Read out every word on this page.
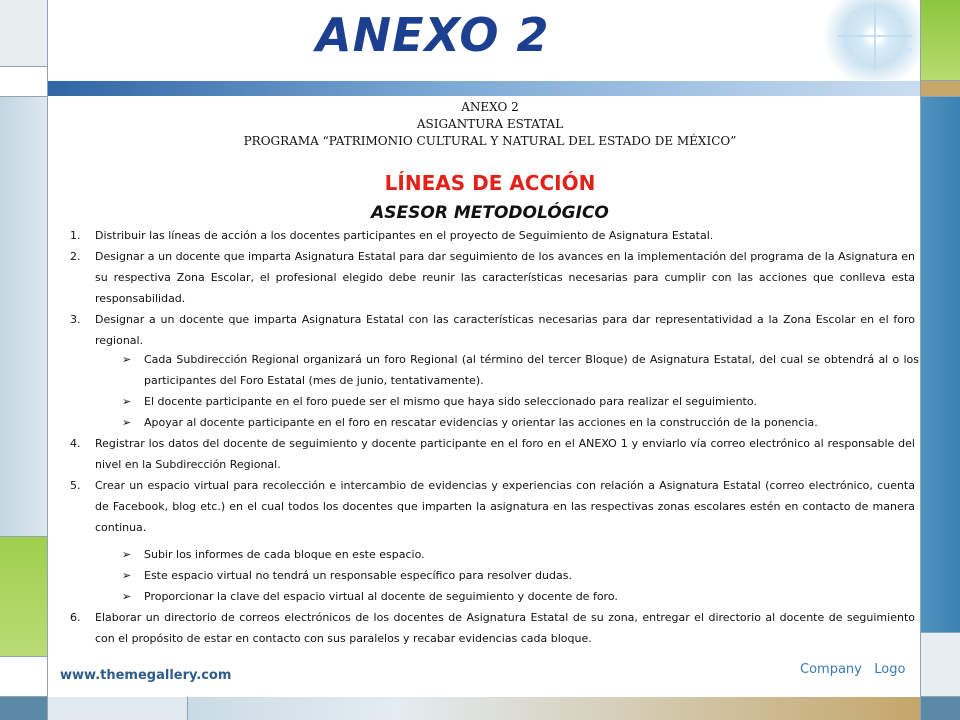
ANEXO 2
ANEXO 2
ASIGANTURA ESTATAL
PROGRAMA “PATRIMONIO CULTURAL Y NATURAL DEL ESTADO DE MÉXICO”
LÍNEAS DE ACCIÓN
ASESOR METODOLÓGICO
1. Distribuir las líneas de acción a los docentes participantes en el proyecto de Seguimiento de Asignatura Estatal.
2. Designar a un docente que imparta Asignatura Estatal para dar seguimiento de los avances en la implementación del programa de la Asignatura en su respectiva Zona Escolar, el profesional elegido debe reunir las características necesarias para cumplir con las acciones que conlleva esta responsabilidad.
3. Designar a un docente que imparta Asignatura Estatal con las características necesarias para dar representatividad a la Zona Escolar en el foro regional.
➢ Cada Subdirección Regional organizará un foro Regional (al término del tercer Bloque) de Asignatura Estatal, del cual se obtendrá al o los participantes del Foro Estatal (mes de junio, tentativamente).
➢ El docente participante en el foro puede ser el mismo que haya sido seleccionado para realizar el seguimiento.
➢ Apoyar al docente participante en el foro en rescatar evidencias y orientar las acciones en la construcción de la ponencia.
4. Registrar los datos del docente de seguimiento y docente participante en el foro en el ANEXO 1 y enviarlo vía correo electrónico al responsable del nivel en la Subdirección Regional.
5. Crear un espacio virtual para recolección e intercambio de evidencias y experiencias con relación a Asignatura Estatal (correo electrónico, cuenta de Facebook, blog etc.) en el cual todos los docentes que imparten la asignatura en las respectivas zonas escolares estén en contacto de manera continua.
➢ Subir los informes de cada bloque en este espacio.
➢ Este espacio virtual no tendrá un responsable específico para resolver dudas.
➢ Proporcionar la clave del espacio virtual al docente de seguimiento y docente de foro.
6. Elaborar un directorio de correos electrónicos de los docentes de Asignatura Estatal de su zona, entregar el directorio al docente de seguimiento con el propósito de estar en contacto con sus paralelos y recabar evidencias cada bloque.
www.themegallery.com	Company   Logo
